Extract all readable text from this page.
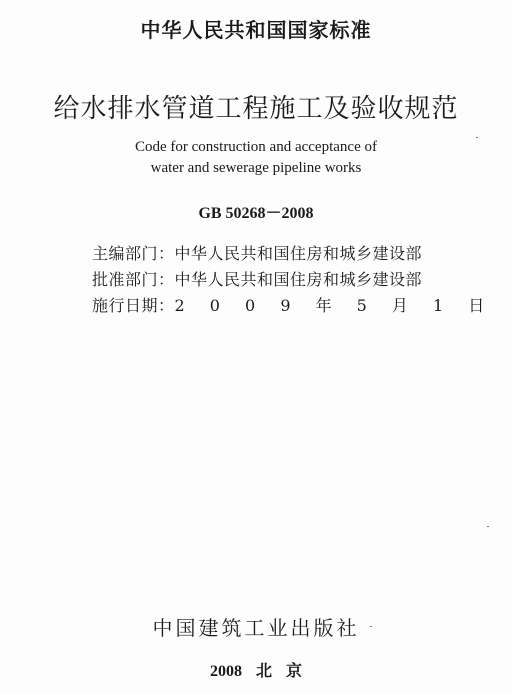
中华人民共和国国家标准
给水排水管道工程施工及验收规范
Code for construction and acceptance of
water and sewerage pipeline works
GB 50268－2008
主编部门：中华人民共和国住房和城乡建设部
批准部门：中华人民共和国住房和城乡建设部
施行日期：2 0 0 9 年 5 月 1 日
中国建筑工业出版社
2008 北 京
